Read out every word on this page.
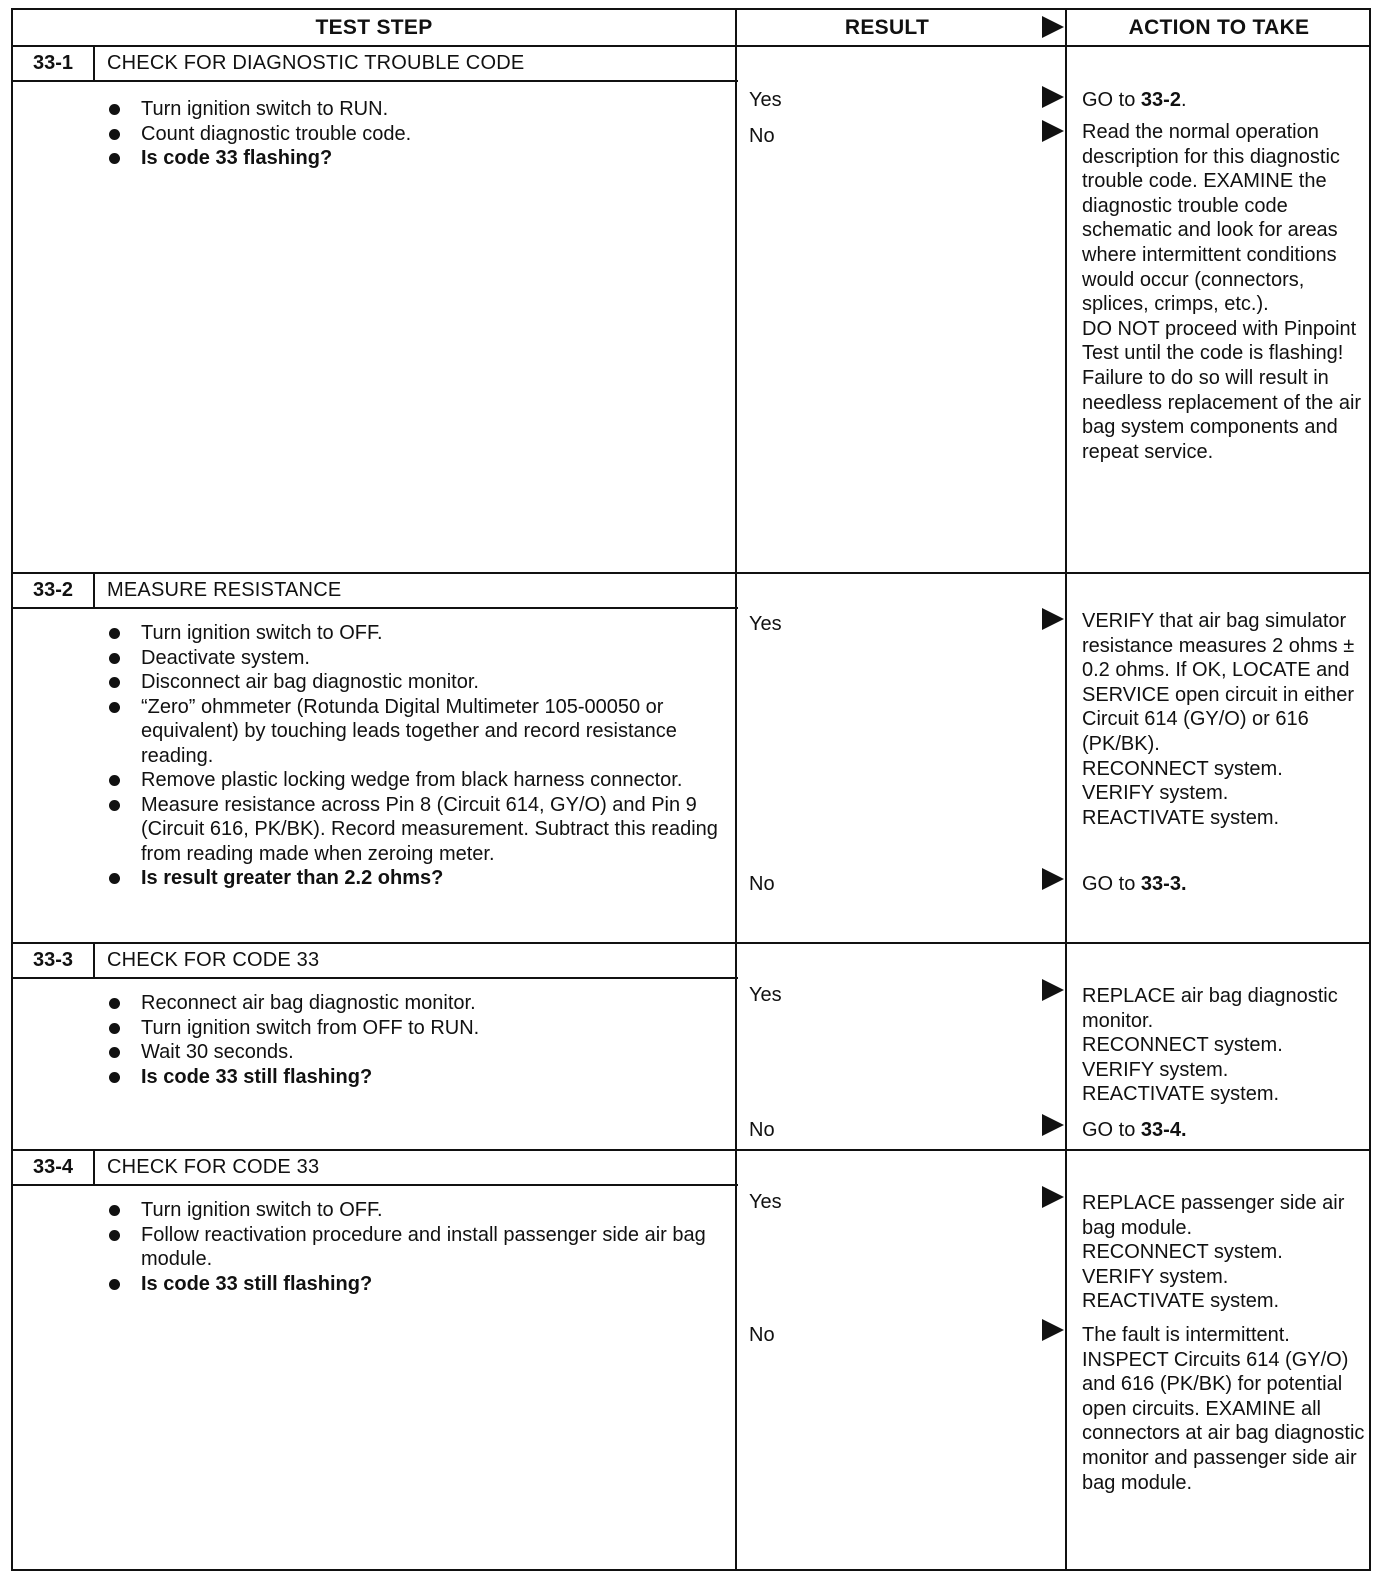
TEST STEP	RESULT	ACTION TO TAKE
33-1	CHECK FOR DIAGNOSTIC TROUBLE CODE
Turn ignition switch to RUN.
Count diagnostic trouble code.
Is code 33 flashing?
Yes	GO to 33-2.
No	Read the normal operation description for this diagnostic trouble code. EXAMINE the diagnostic trouble code schematic and look for areas where intermittent conditions would occur (connectors, splices, crimps, etc.).
DO NOT proceed with Pinpoint Test until the code is flashing!
Failure to do so will result in needless replacement of the air bag system components and repeat service.
33-2	MEASURE RESISTANCE
Turn ignition switch to OFF.
Deactivate system.
Disconnect air bag diagnostic monitor.
“Zero” ohmmeter (Rotunda Digital Multimeter 105-00050 or equivalent) by touching leads together and record resistance reading.
Remove plastic locking wedge from black harness connector.
Measure resistance across Pin 8 (Circuit 614, GY/O) and Pin 9 (Circuit 616, PK/BK). Record measurement. Subtract this reading from reading made when zeroing meter.
Is result greater than 2.2 ohms?
Yes	VERIFY that air bag simulator resistance measures 2 ohms ± 0.2 ohms. If OK, LOCATE and SERVICE open circuit in either Circuit 614 (GY/O) or 616 (PK/BK).
RECONNECT system.
VERIFY system.
REACTIVATE system.
No	GO to 33-3.
33-3	CHECK FOR CODE 33
Reconnect air bag diagnostic monitor.
Turn ignition switch from OFF to RUN.
Wait 30 seconds.
Is code 33 still flashing?
Yes	REPLACE air bag diagnostic monitor.
RECONNECT system.
VERIFY system.
REACTIVATE system.
No	GO to 33-4.
33-4	CHECK FOR CODE 33
Turn ignition switch to OFF.
Follow reactivation procedure and install passenger side air bag module.
Is code 33 still flashing?
Yes	REPLACE passenger side air bag module.
RECONNECT system.
VERIFY system.
REACTIVATE system.
No	The fault is intermittent. INSPECT Circuits 614 (GY/O) and 616 (PK/BK) for potential open circuits. EXAMINE all connectors at air bag diagnostic monitor and passenger side air bag module.
